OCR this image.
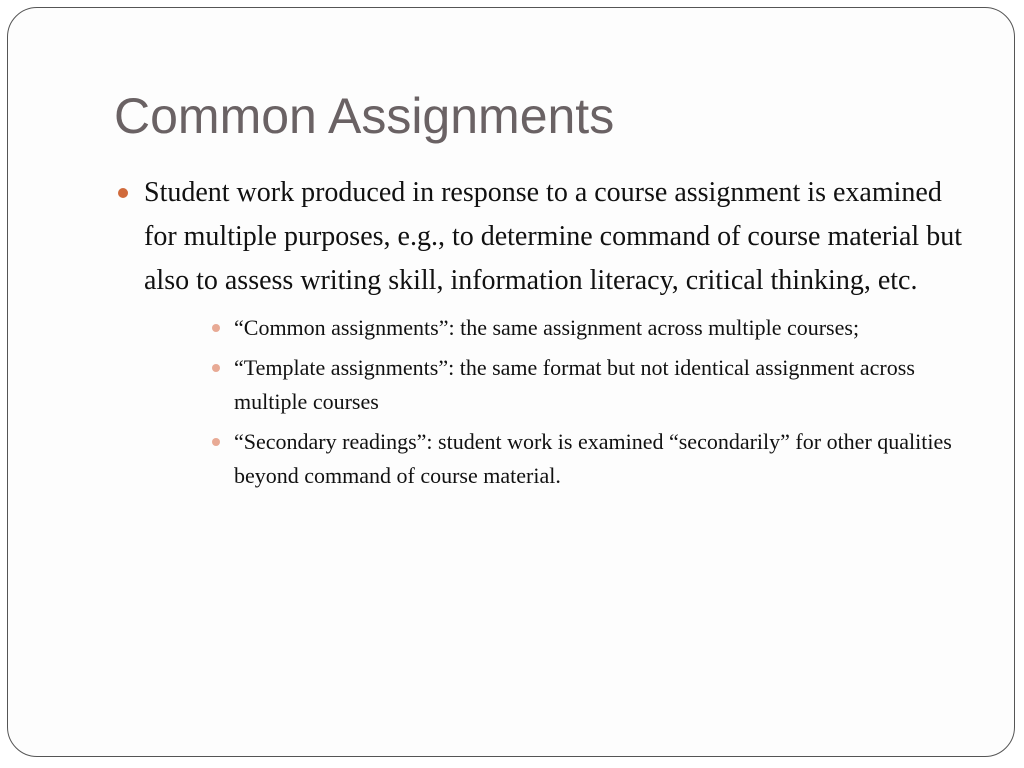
Common Assignments
Student work produced in response to a course assignment is examined for multiple purposes, e.g., to determine command of course material but also to assess writing skill, information literacy, critical thinking, etc.
“Common assignments”: the same assignment across multiple courses;
“Template assignments”: the same format but not identical assignment across multiple courses
“Secondary readings”: student work is examined “secondarily” for other qualities beyond command of course material.
